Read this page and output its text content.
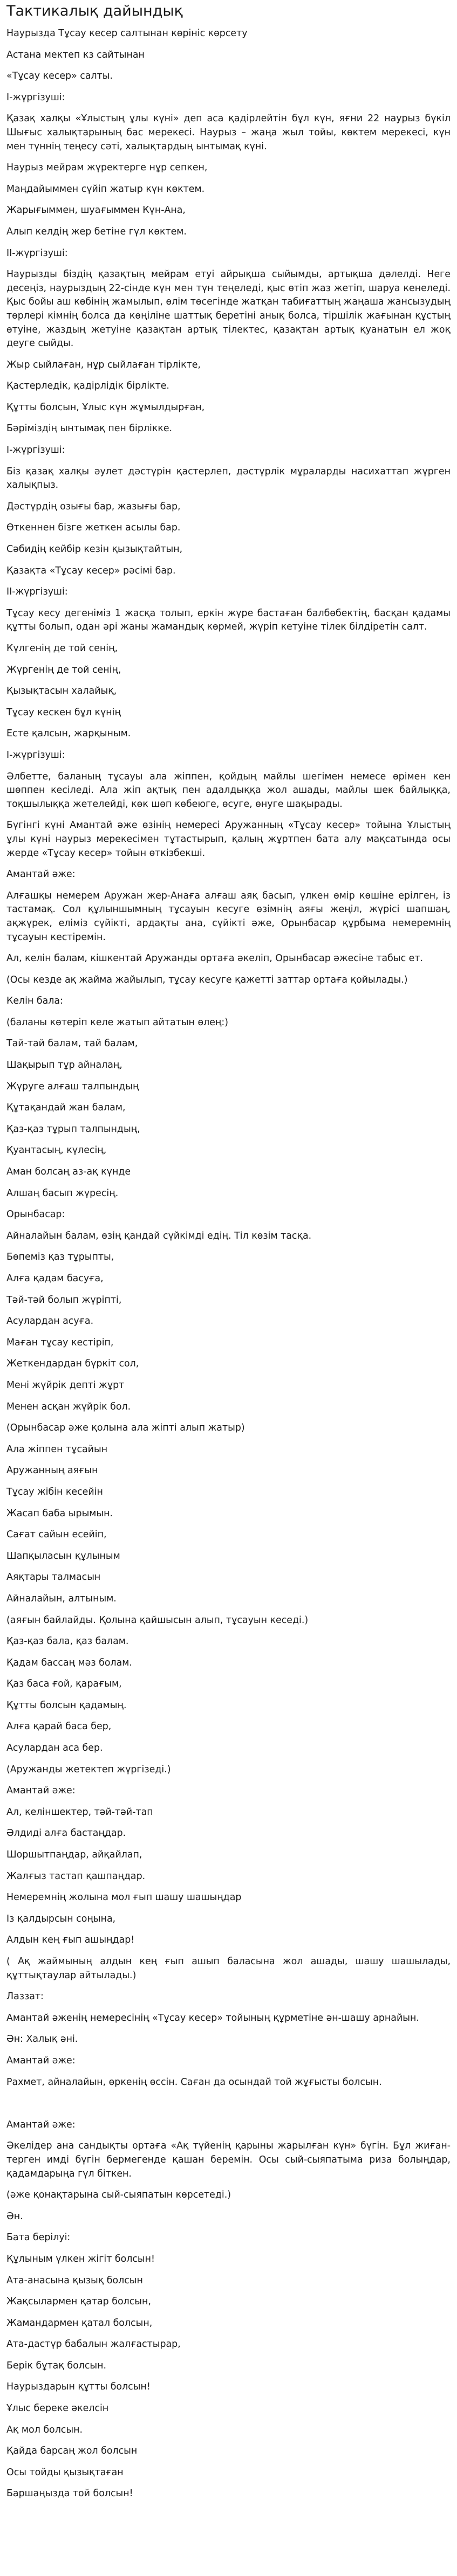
Тактикалық дайындық

Наурызда Тұсау кесер салтынан көрініс көрсету

Астана мектеп кз сайтынан

«Тұсау кесер» салты.

І-жүргізуші:

Қазақ халқы «Ұлыстың ұлы күні» деп аса қадірлейтін бұл күн, яғни 22 наурыз бүкіл Шығыс халықтарының бас мерекесі. Наурыз – жаңа жыл тойы, көктем мерекесі, күн мен түннің теңесу сәті, халықтардың ынтымақ күні.

Наурыз мейрам жүректерге нұр сепкен,

Маңдайыммен сүйіп жатыр күн көктем.

Жарығыммен, шуағыммен Күн-Ана,

Алып келдің жер бетіне гүл көктем.

ІІ-жүргізуші:

Наурызды біздің қазақтың мейрам етуі айрықша сыйымды, артықша дәлелді. Неге десеңіз, наурыздың 22-сінде күн мен түн теңеледі, қыс өтіп жаз жетіп, шаруа кенеледі. Қыс бойы аш көбінің жамылып, өлім төсегінде жатқан табиғаттың жаңаша жансызудың төрлері кімнің болса да көңіліне шаттық беретіні анық болса, тіршілік жағынан құстың өтуіне, жаздың жетуіне қазақтан артық тілектес, қазақтан артық қуанатын ел жоқ деуге сыйды.

Жыр сыйлаған, нұр сыйлаған тірлікте,

Қастерледік, қадірлідік бірлікте.

Құтты болсын, Ұлыс күн жұмылдырған,

Бәріміздің ынтымақ пен бірлікке.

І-жүргізуші:

Біз қазақ халқы әулет дәстүрін қастерлеп, дәстүрлік мұраларды насихаттап жүрген халықпыз.

Дәстүрдің озығы бар, жазығы бар,

Өткеннен бізге жеткен асылы бар.

Сәбидің кейбір кезін қызықтайтын,

Қазақта «Тұсау кесер» рәсімі бар.

ІІ-жүргізуші:

Тұсау кесу дегеніміз 1 жасқа толып, еркін жүре бастаған балбөбектің, басқан қадамы құтты болып, одан әрі жаны жамандық көрмей, жүріп кетуіне тілек білдіретін салт.

Күлгенің де той сенің,

Жүргенің де той сенің,

Қызықтасын халайық,

Тұсау кескен бұл күнің

Есте қалсын, жарқыным.

І-жүргізуші:

Әлбетте, баланың тұсауы ала жіппен, қойдың майлы шегімен немесе өрімен кен шөппен кесіледі. Ала жіп ақтық пен адалдыққа жол ашады, майлы шек байлыққа, тоқшылыққа жетелейді, көк шөп көбеюге, өсуге, өнуге шақырады.

Бүгінгі күні Амантай әже өзінің немересі Аружанның «Тұсау кесер» тойына Ұлыстың ұлы күні наурыз мерекесімен тұтастырып, қалың жұртпен бата алу мақсатында осы жерде «Тұсау кесер» тойын өткізбекші.

Амантай әже:

Алғашқы немерем Аружан жер-Анаға алғаш аяқ басып, үлкен өмір көшіне ерілген, із тастамақ. Сол құлыншымның тұсауын кесуге өзімнің аяғы жеңіл, жүрісі шапшаң, ақжүрек, еліміз сүйікті, ардақты ана, сүйікті әже, Орынбасар құрбыма немеремнің тұсауын кестіремін.

Ал, келін балам, кішкентай Аружанды ортаға әкеліп, Орынбасар әжесіне табыс ет.

(Осы кезде ақ жайма жайылып, тұсау кесуге қажетті заттар ортаға қойылады.)

Келін бала:

(баланы көтеріп келе жатып айтатын өлең:)

Тай-тай балам, тай балам,

Шақырып тұр айналаң,

Жүруге алғаш талпындың

Құтақандай жан балам,

Қаз-қаз тұрып талпындың,

Қуантасың, күлесің,

Аман болсаң аз-ақ күнде

Алшаң басып жүресің.

Орынбасар:

Айналайын балам, өзің қандай сүйкімді едің. Тіл көзім тасқа.

Бөпемiз қаз тұрыпты,

Алға қадам басуға,

Тәй-тәй болып жүріпті,

Асулардан асуға.

Маған тұсау кестiрiп,

Жеткендардан бүркiт сол,

Мені жүйрiк депті жұрт

Менен асқан жүйрiк бол.

(Орынбасар әже қолына ала жіпті алып жатыр)

Ала жіппен тұсайын

Аружанның аяғын

Тұсау жібін кесейін

Жасап баба ырымын.

Сағат сайын есейіп,

Шапқыласын құлыным

Аяқтары талмасын

Айналайын, алтыным.

(аяғын байлайды. Қолына қайшысын алып, тұсауын кеседі.)

Қаз-қаз бала, қаз балам.

Қадам бассаң мәз болам.

Қаз баса ғой, қарағым,

Құтты болсын қадамың.

Алға қарай баса бер,

Асулардан аса бер.

(Аружанды жетектеп жүргізеді.)

Амантай әже:

Ал, келіншектер, тәй-тәй-тап

Әлдиді алға бастаңдар.

Шоршытпаңдар, айқайлап,

Жалғыз тастап қашпаңдар.

Немеремнің жолына мол ғып шашу шашыңдар

Із қалдырсын соңына,

Алдын кең ғып ашыңдар!

( Ақ жаймының алдын кең ғып ашып баласына жол ашады, шашу шашылады, құттықтаулар айтылады.)

Лаззат:

Амантай әженің немересінің «Тұсау кесер» тойының құрметіне ән-шашу арнайын.

Ән: Халық әні.

Амантай әже:

Рахмет, айналайын, өркенің өссін. Саған да осындай той жұғысты болсын.

Амантай әже:

Әкелідер ана сандықты ортаға «Ақ түйенің қарыны жарылған күн» бүгін. Бұл жиған-терген имді бүгін бермегенде қашан беремін. Осы сый-сыяпатыма риза болыңдар, қадамдарыңа гүл біткен.

(әже қонақтарына сый-сыяпатын көрсетеді.)

Ән.

Бата берілуі:

Құлыным үлкен жігіт болсын!

Ата-анасына қызық болсын

Жақсылармен қатар болсын,

Жамандармен қатал болсын,

Ата-дастүр бабалын жалғастырар,

Берік бұтақ болсын.

Наурыздарын құтты болсын!

Ұлыс береке әкелсін

Ақ мол болсын.

Қайда барсаң жол болсын

Осы тойды қызықтаған

Баршаңызда той болсын!
